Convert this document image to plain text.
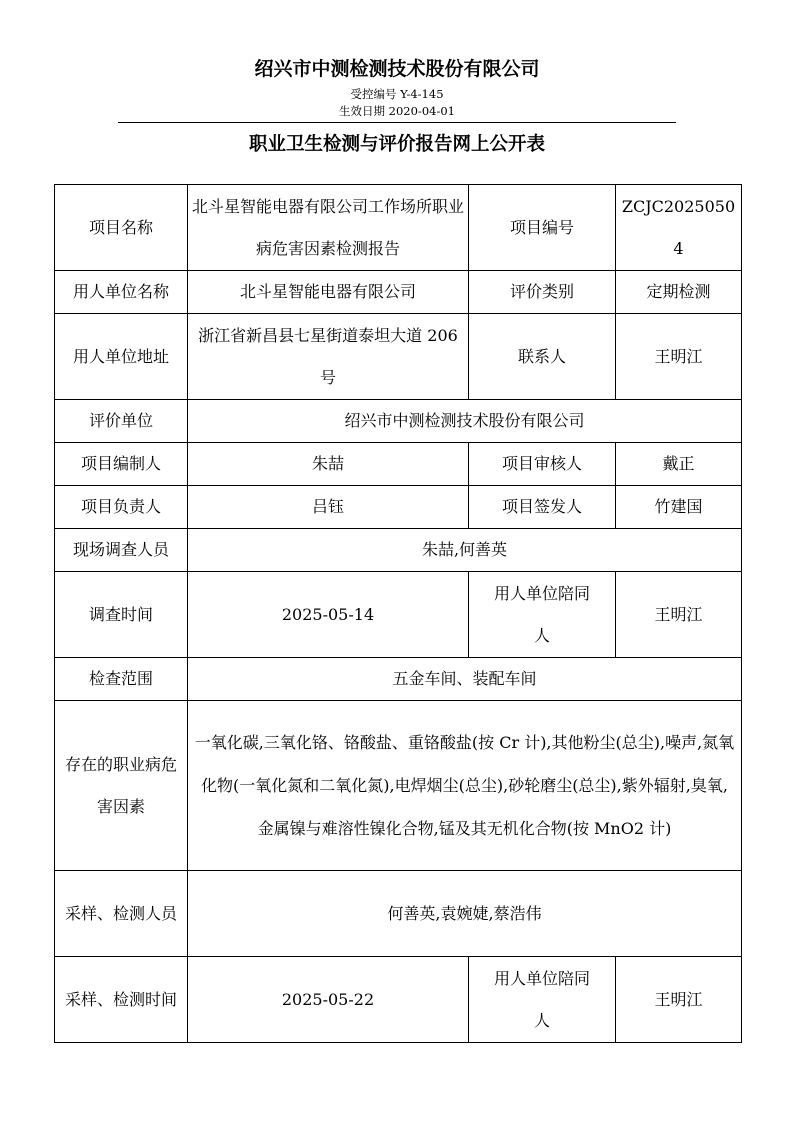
绍兴市中测检测技术股份有限公司
受控编号 Y-4-145
生效日期 2020-04-01
职业卫生检测与评价报告网上公开表
项目名称	北斗星智能电器有限公司工作场所职业病危害因素检测报告	项目编号	ZCJC20250504
用人单位名称	北斗星智能电器有限公司	评价类别	定期检测
用人单位地址	浙江省新昌县七星街道泰坦大道 206 号	联系人	王明江
评价单位	绍兴市中测检测技术股份有限公司		
项目编制人	朱喆	项目审核人	戴正
项目负责人	吕钰	项目签发人	竹建国
现场调查人员	朱喆,何善英		
调查时间	2025-05-14	用人单位陪同人	王明江
检查范围	五金车间、装配车间		
存在的职业病危害因素	一氧化碳,三氧化铬、铬酸盐、重铬酸盐(按 Cr 计),其他粉尘(总尘),噪声,氮氧化物(一氧化氮和二氧化氮),电焊烟尘(总尘),砂轮磨尘(总尘),紫外辐射,臭氧,金属镍与难溶性镍化合物,锰及其无机化合物(按 MnO2 计)		
采样、检测人员	何善英,袁婉婕,蔡浩伟		
采样、检测时间	2025-05-22	用人单位陪同人	王明江
